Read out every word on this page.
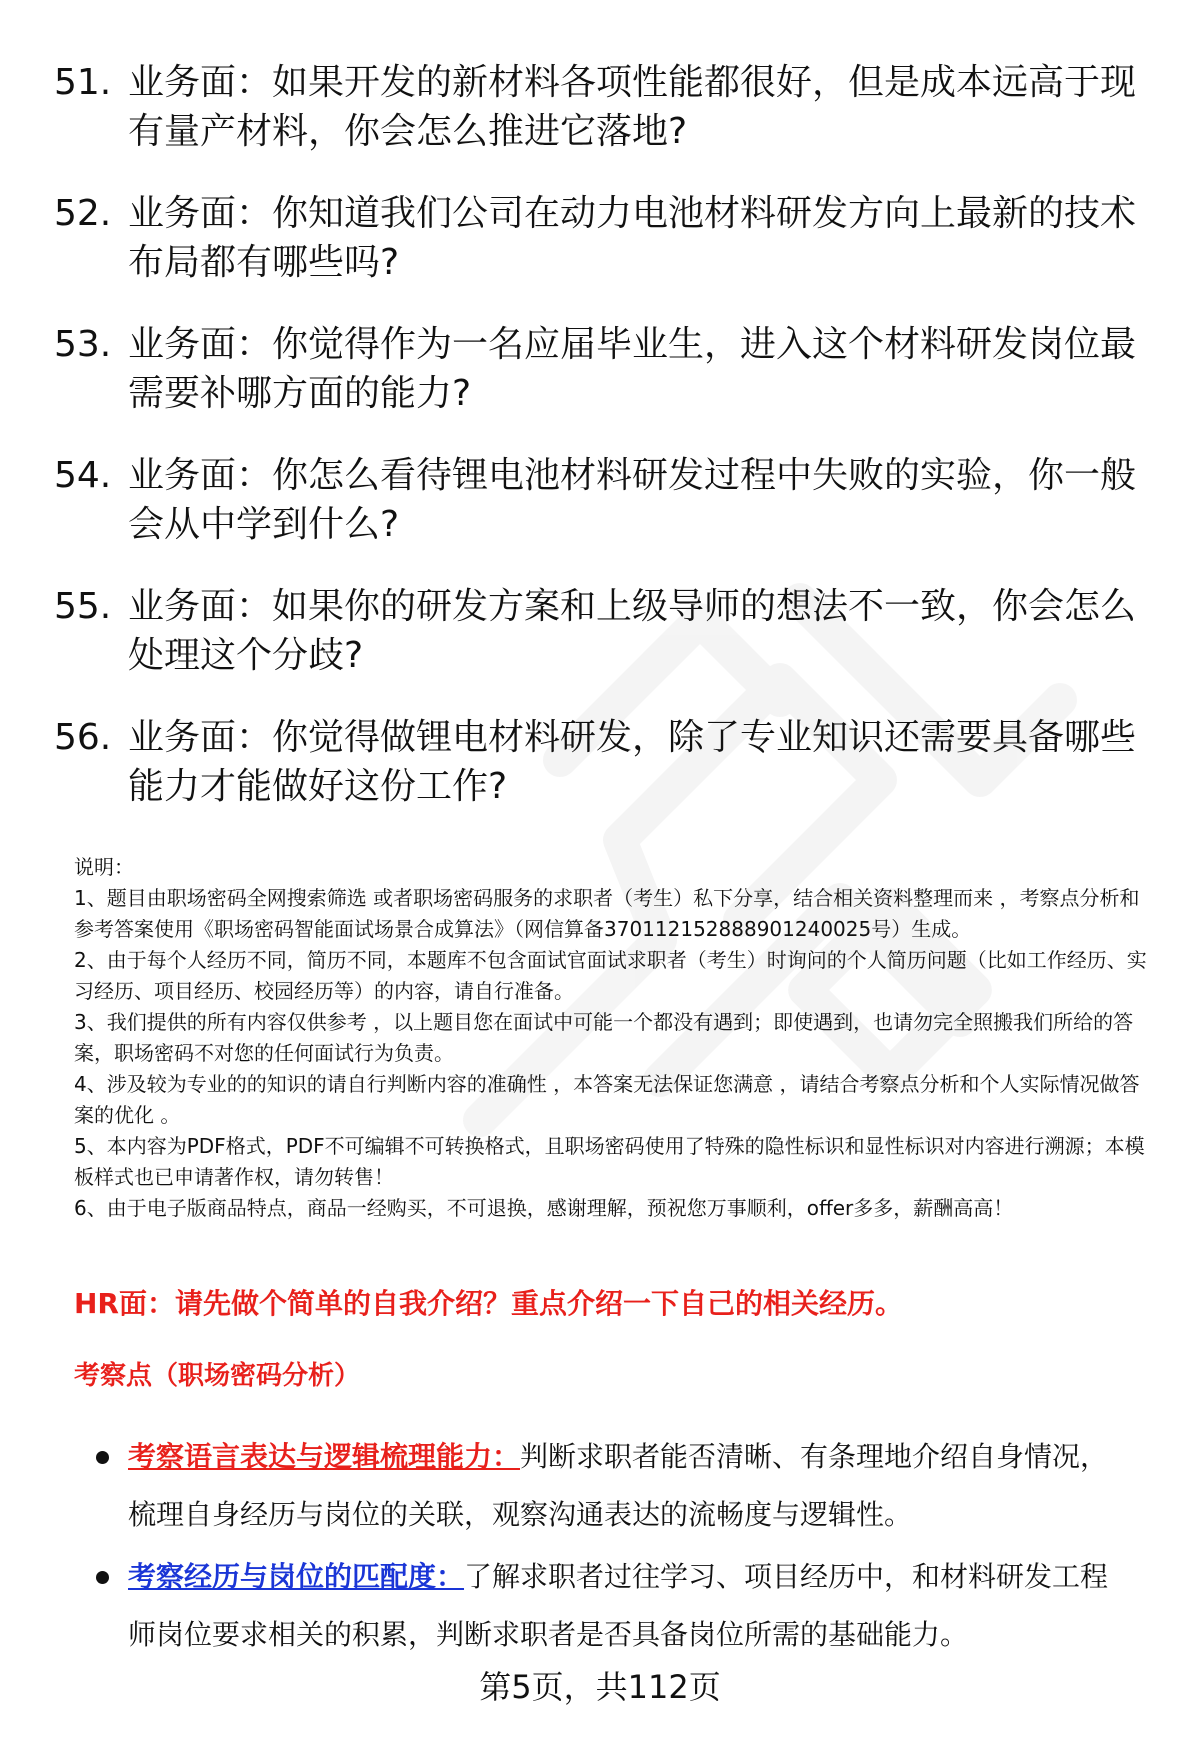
51. 业务面：如果开发的新材料各项性能都很好，但是成本远高于现有量产材料，你会怎么推进它落地?
52. 业务面：你知道我们公司在动力电池材料研发方向上最新的技术布局都有哪些吗?
53. 业务面：你觉得作为一名应届毕业生，进入这个材料研发岗位最需要补哪方面的能力?
54. 业务面：你怎么看待锂电池材料研发过程中失败的实验，你一般会从中学到什么?
55. 业务面：如果你的研发方案和上级导师的想法不一致，你会怎么处理这个分歧?
56. 业务面：你觉得做锂电材料研发，除了专业知识还需要具备哪些能力才能做好这份工作?

说明：

1、题目由职场密码全网搜索筛选 或者职场密码服务的求职者（考生）私下分享，结合相关资料整理而来 ，考察点分析和参考答案使用《职场密码智能面试场景合成算法》（网信算备370112152888901240025号）生成。

2、由于每个人经历不同，简历不同，本题库不包含面试官面试求职者（考生）时询问的个人简历问题（比如工作经历、实习经历、项目经历、校园经历等）的内容，请自行准备。

3、我们提供的所有内容仅供参考 ，以上题目您在面试中可能一个都没有遇到；即使遇到，也请勿完全照搬我们所给的答案，职场密码不对您的任何面试行为负责。

4、涉及较为专业的的知识的请自行判断内容的准确性 ，本答案无法保证您满意 ，请结合考察点分析和个人实际情况做答案的优化 。

5、本内容为PDF格式，PDF不可编辑不可转换格式，且职场密码使用了特殊的隐性标识和显性标识对内容进行溯源；本模板样式也已申请著作权，请勿转售！

6、由于电子版商品特点，商品一经购买，不可退换，感谢理解，预祝您万事顺利，offer多多，薪酬高高！

HR面：请先做个简单的自我介绍？重点介绍一下自己的相关经历。

考察点（职场密码分析）

考察语言表达与逻辑梳理能力：判断求职者能否清晰、有条理地介绍自身情况，梳理自身经历与岗位的关联，观察沟通表达的流畅度与逻辑性。
考察经历与岗位的匹配度：了解求职者过往学习、项目经历中，和材料研发工程师岗位要求相关的积累，判断求职者是否具备岗位所需的基础能力。
第5页，共112页
